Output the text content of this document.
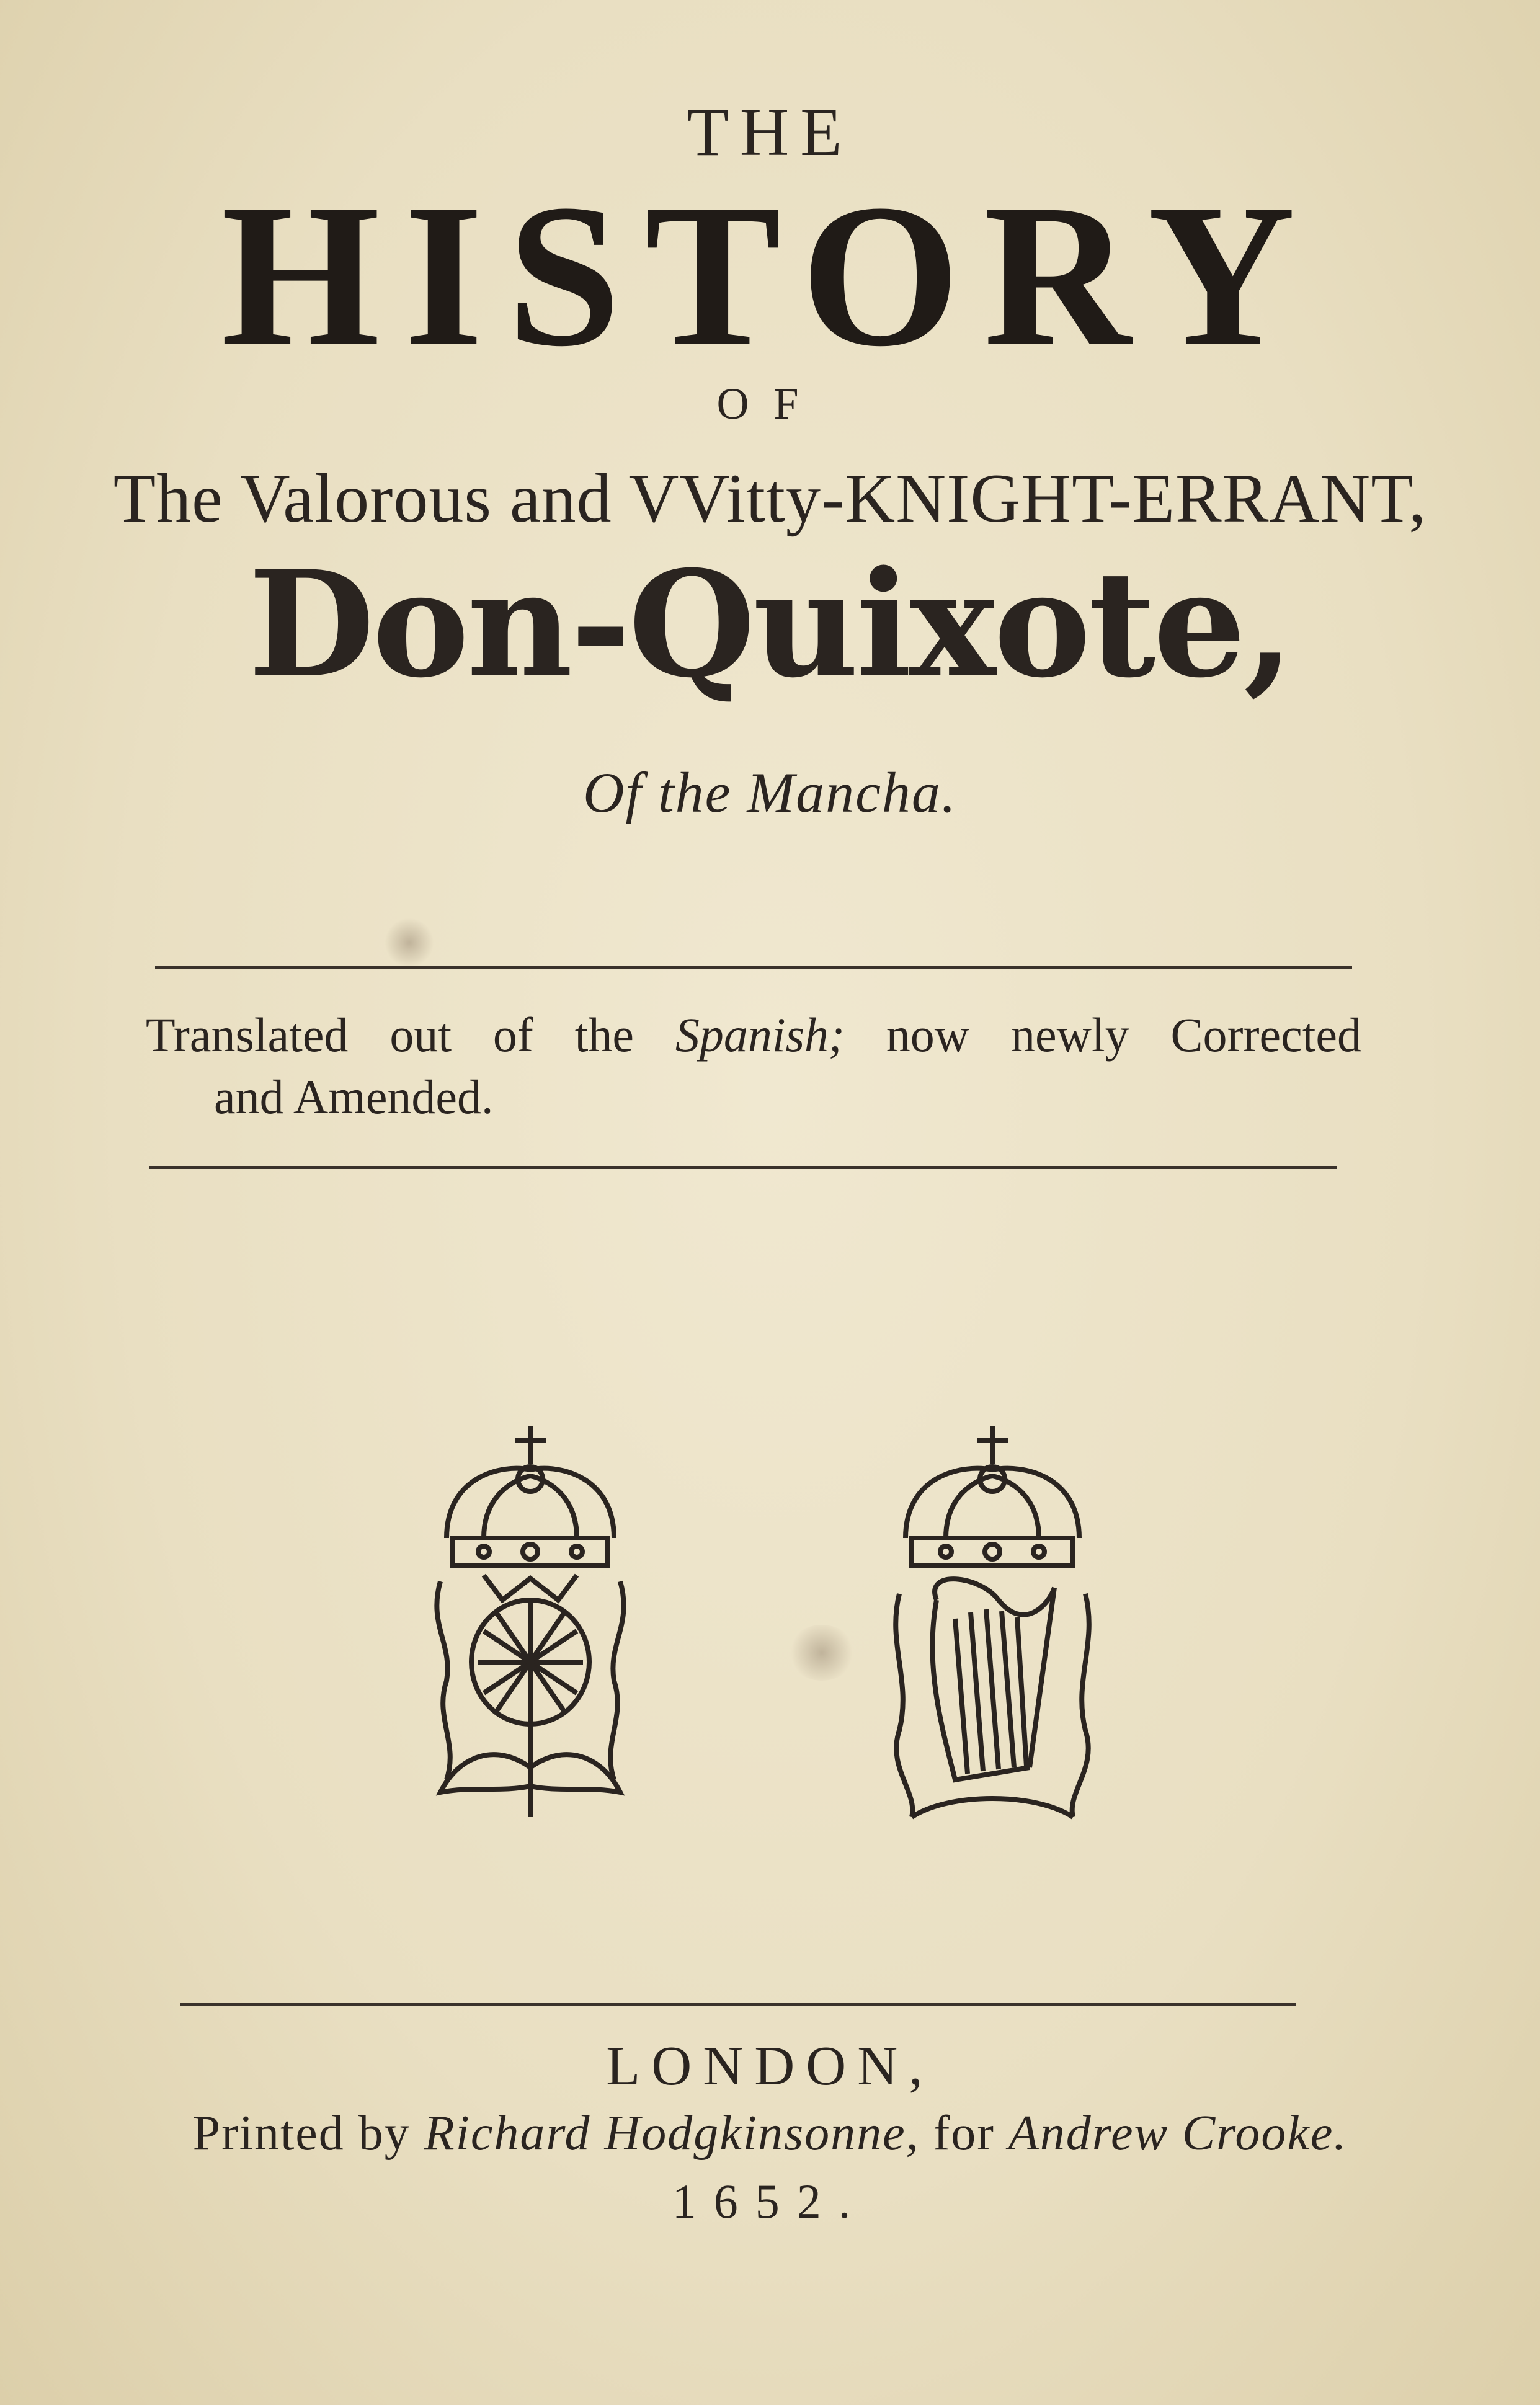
THE
HISTORY
OF
The Valorous and VVitty-KNIGHT-ERRANT,
Don-Quixote,
Of the Mancha.
Translated out of the Spanish; now newly Corrected
and Amended.
LONDON,
Printed by Richard Hodgkinsonne, for Andrew Crooke.
1652.
